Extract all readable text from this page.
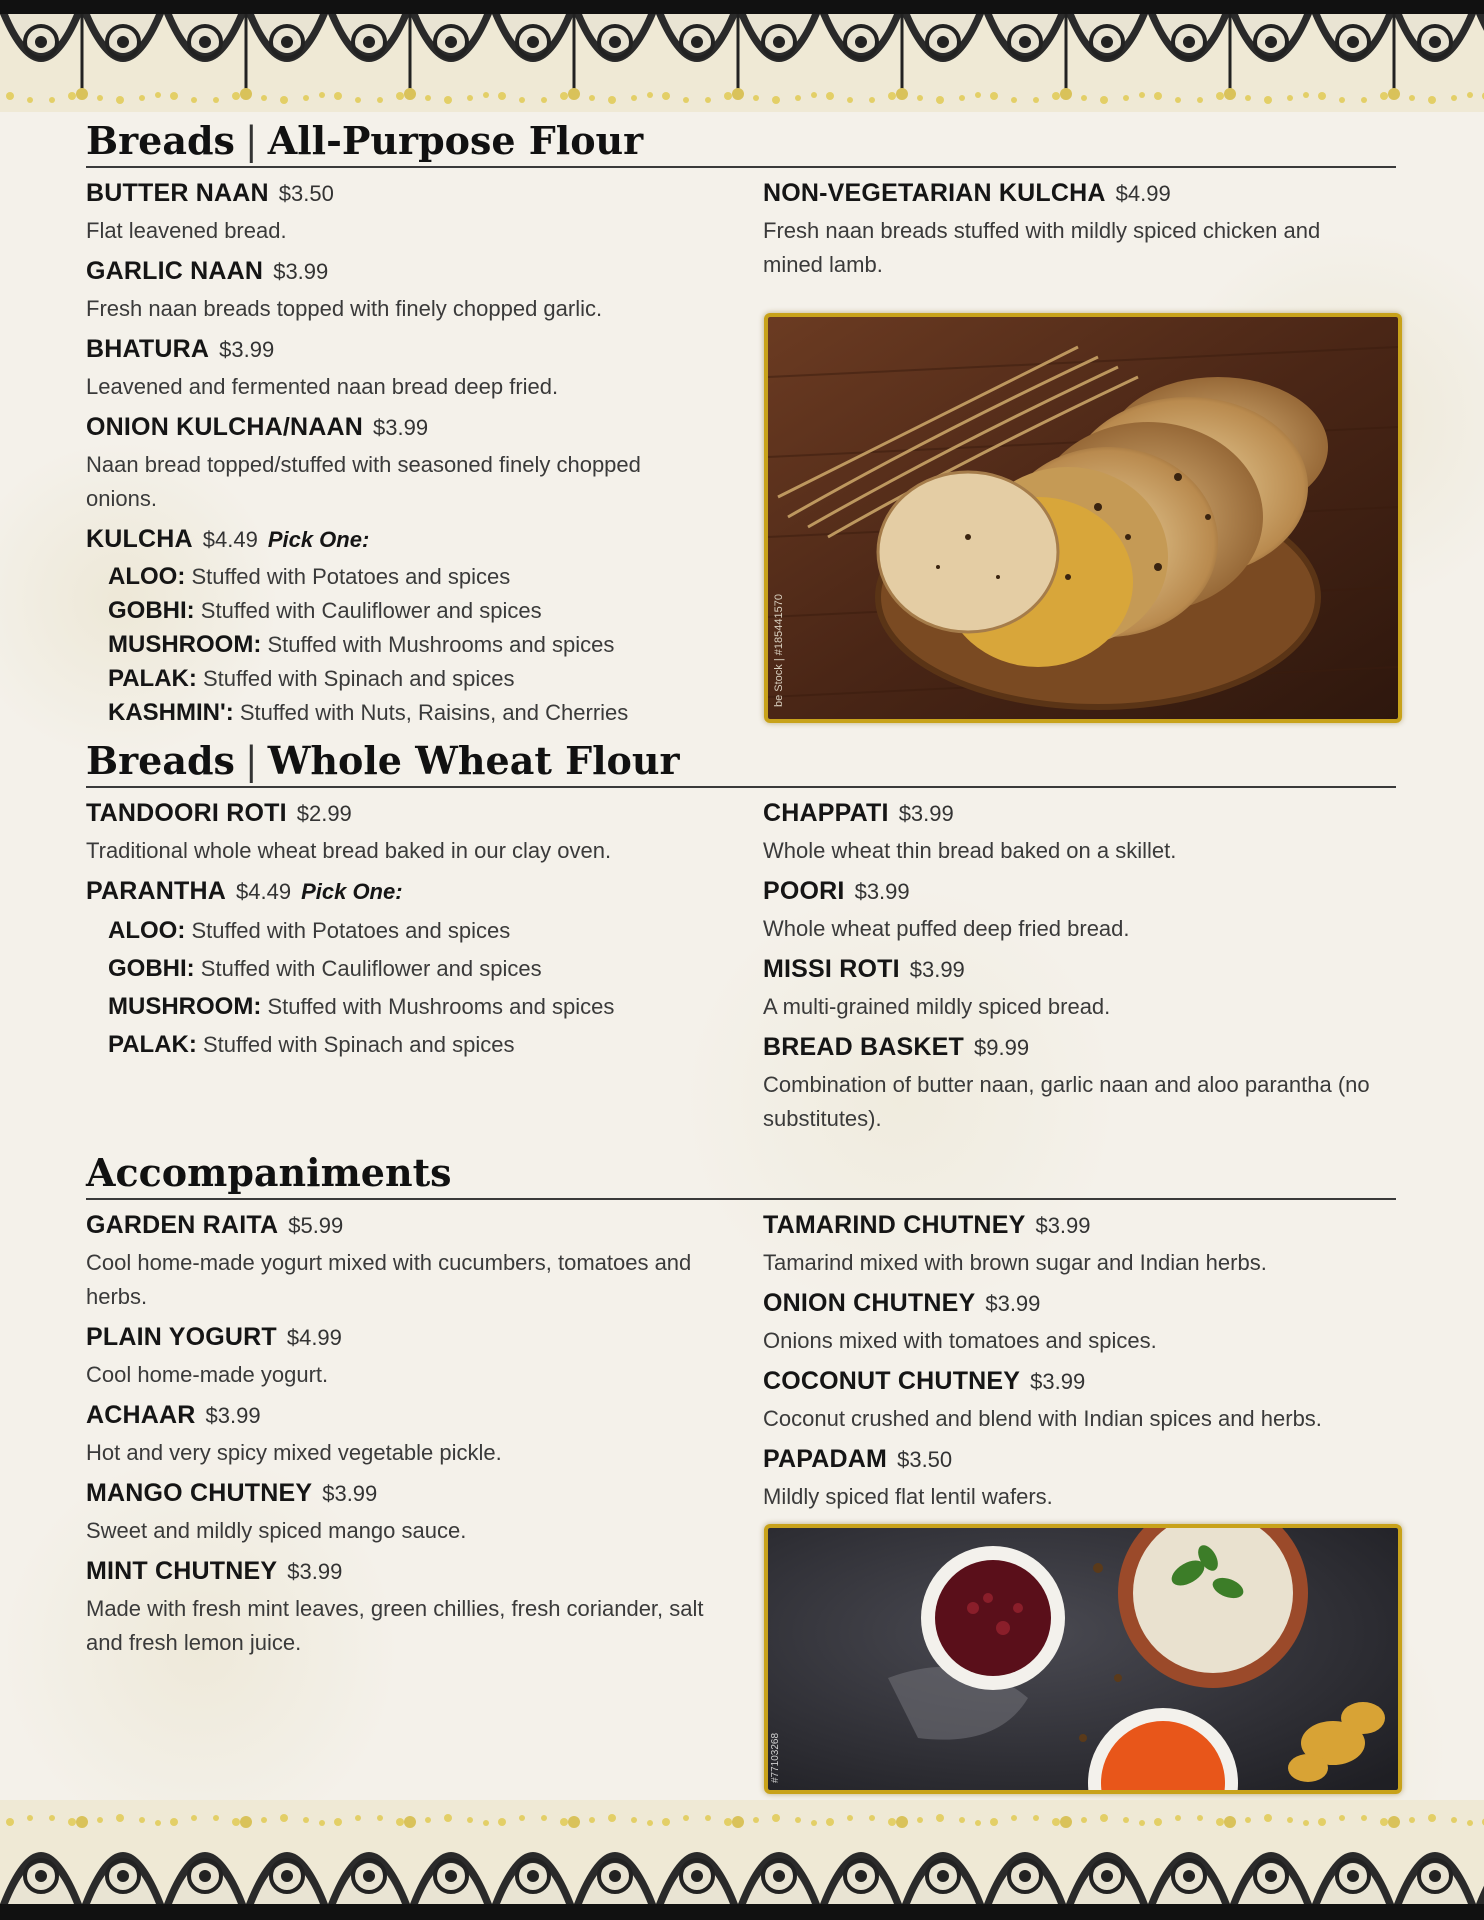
Breads | All-Purpose Flour
BUTTER NAAN $3.50
Flat leavened bread.
GARLIC NAAN $3.99
Fresh naan breads topped with finely chopped garlic.
BHATURA $3.99
Leavened and fermented naan bread deep fried.
ONION KULCHA/NAAN $3.99
Naan bread topped/stuffed with seasoned finely chopped onions.
KULCHA $4.49 Pick One:
ALOO: Stuffed with Potatoes and spices
GOBHI: Stuffed with Cauliflower and spices
MUSHROOM: Stuffed with Mushrooms and spices
PALAK: Stuffed with Spinach and spices
KASHMIN': Stuffed with Nuts, Raisins, and Cherries
NON-VEGETARIAN KULCHA $4.99
Fresh naan breads stuffed with mildly spiced chicken and mined lamb.
be Stock | #185441570
Breads | Whole Wheat Flour
TANDOORI ROTI $2.99
Traditional whole wheat bread baked in our clay oven.
PARANTHA $4.49 Pick One:
ALOO: Stuffed with Potatoes and spices
GOBHI: Stuffed with Cauliflower and spices
MUSHROOM: Stuffed with Mushrooms and spices
PALAK: Stuffed with Spinach and spices
CHAPPATI $3.99
Whole wheat thin bread baked on a skillet.
POORI $3.99
Whole wheat puffed deep fried bread.
MISSI ROTI $3.99
A multi-grained mildly spiced bread.
BREAD BASKET $9.99
Combination of butter naan, garlic naan and aloo parantha (no substitutes).
Accompaniments
GARDEN RAITA $5.99
Cool home-made yogurt mixed with cucumbers, tomatoes and herbs.
PLAIN YOGURT $4.99
Cool home-made yogurt.
ACHAAR $3.99
Hot and very spicy mixed vegetable pickle.
MANGO CHUTNEY $3.99
Sweet and mildly spiced mango sauce.
MINT CHUTNEY $3.99
Made with fresh mint leaves, green chillies, fresh coriander, salt and fresh lemon juice.
TAMARIND CHUTNEY $3.99
Tamarind mixed with brown sugar and Indian herbs.
ONION CHUTNEY $3.99
Onions mixed with tomatoes and spices.
COCONUT CHUTNEY $3.99
Coconut crushed and blend with Indian spices and herbs.
PAPADAM $3.50
Mildly spiced flat lentil wafers.
#77103268
